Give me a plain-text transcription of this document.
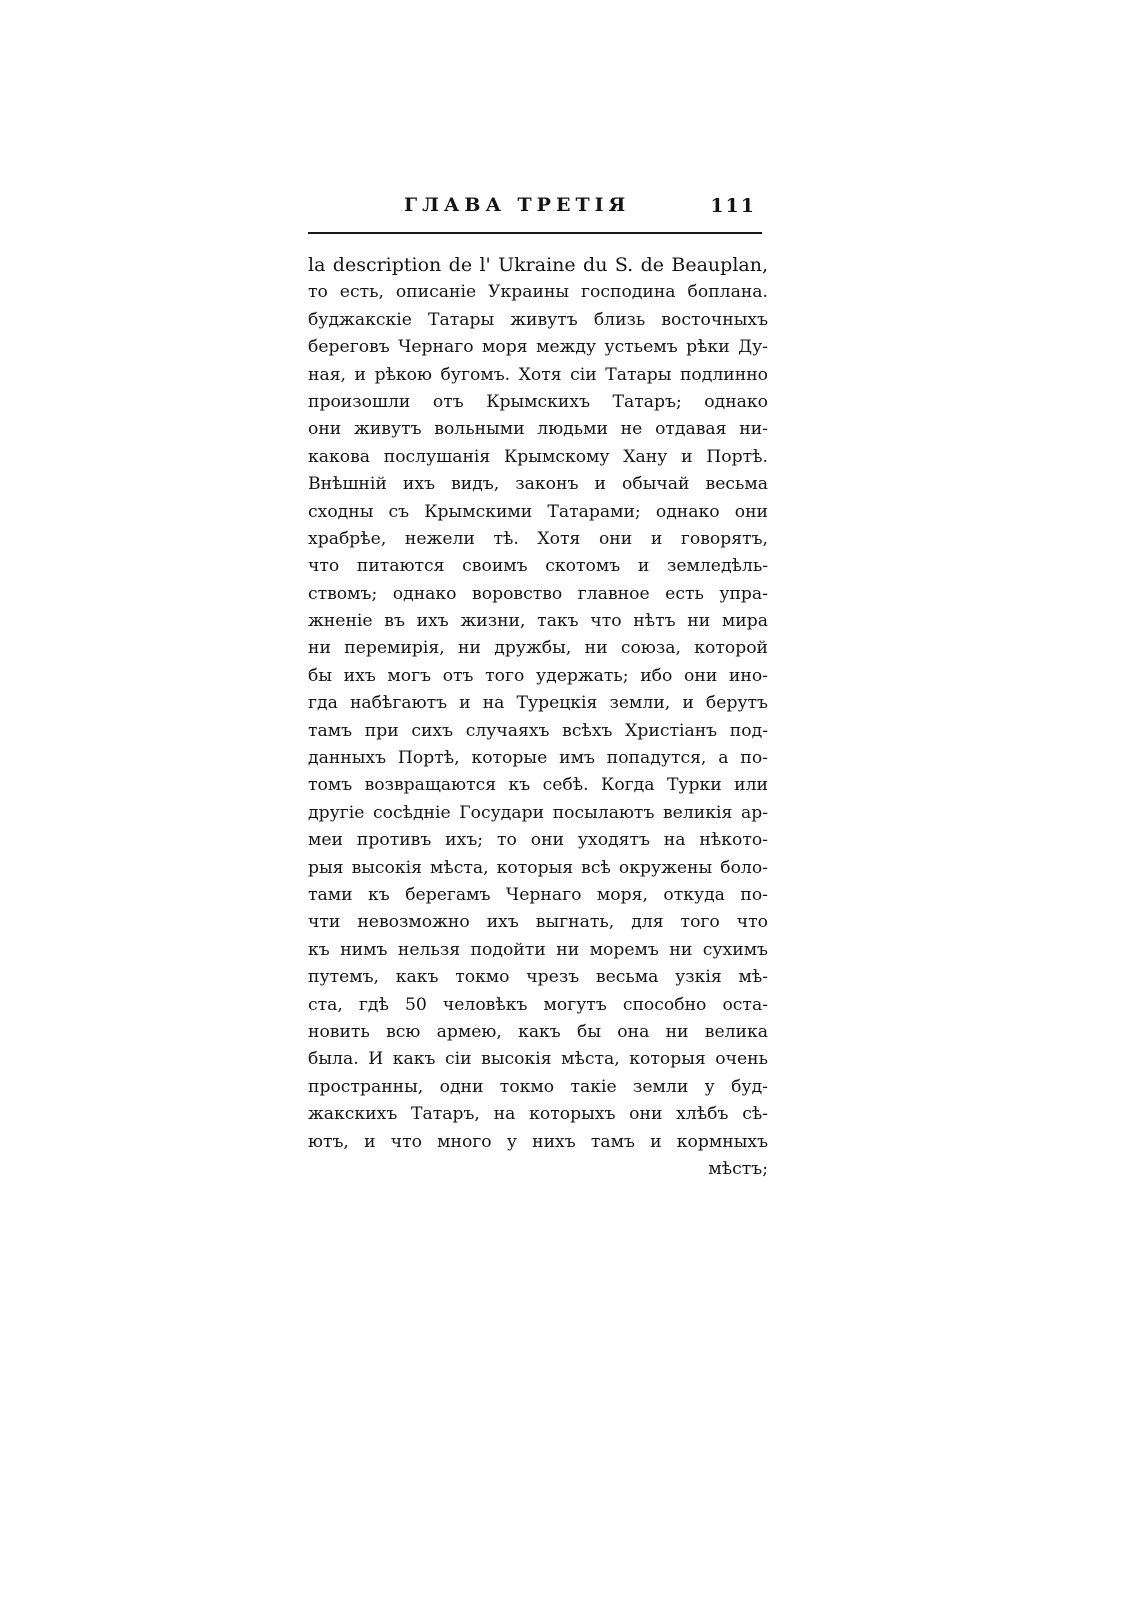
ГЛАВА ТРЕТІЯ	111
la description de l' Ukraine du S. de Beauplan,
то есть, описаніе Украины господина боплана.
буджакскіе Татары живутъ близь восточныхъ
береговъ Чернаго моря между устьемъ рѣки Ду-
ная, и рѣкою бугомъ. Хотя сіи Татары подлинно
произошли отъ Крымскихъ Татаръ; однако
они живутъ вольными людьми не отдавая ни-
какова послушанія Крымскому Хану и Портѣ.
Внѣшній ихъ видъ, законъ и обычай весьма
сходны съ Крымскими Татарами; однако они
храбрѣе, нежели тѣ. Хотя они и говорятъ,
что питаются своимъ скотомъ и земледѣль-
ствомъ; однако воровство главное есть упра-
жненіе въ ихъ жизни, такъ что нѣтъ ни мира
ни перемирія, ни дружбы, ни союза, которой
бы ихъ могъ отъ того удержать; ибо они ино-
гда набѣгаютъ и на Турецкія земли, и берутъ
тамъ при сихъ случаяхъ всѣхъ Христіанъ под-
данныхъ Портѣ, которые имъ попадутся, а по-
томъ возвращаются къ себѣ. Когда Турки или
другіе сосѣдніе Государи посылаютъ великія ар-
меи противъ ихъ; то они уходятъ на нѣкото-
рыя высокія мѣста, которыя всѣ окружены боло-
тами къ берегамъ Чернаго моря, откуда по-
чти невозможно ихъ выгнать, для того что
къ нимъ нельзя подойти ни моремъ ни сухимъ
путемъ, какъ токмо чрезъ весьма узкія мѣ-
ста, гдѣ 50 человѣкъ могутъ способно оста-
новить всю армею, какъ бы она ни велика
была. И какъ сіи высокія мѣста, которыя очень
пространны, одни токмо такіе земли у буд-
жакскихъ Татаръ, на которыхъ они хлѣбъ сѣ-
ютъ, и что много у нихъ тамъ и кормныхъ
мѣстъ;
